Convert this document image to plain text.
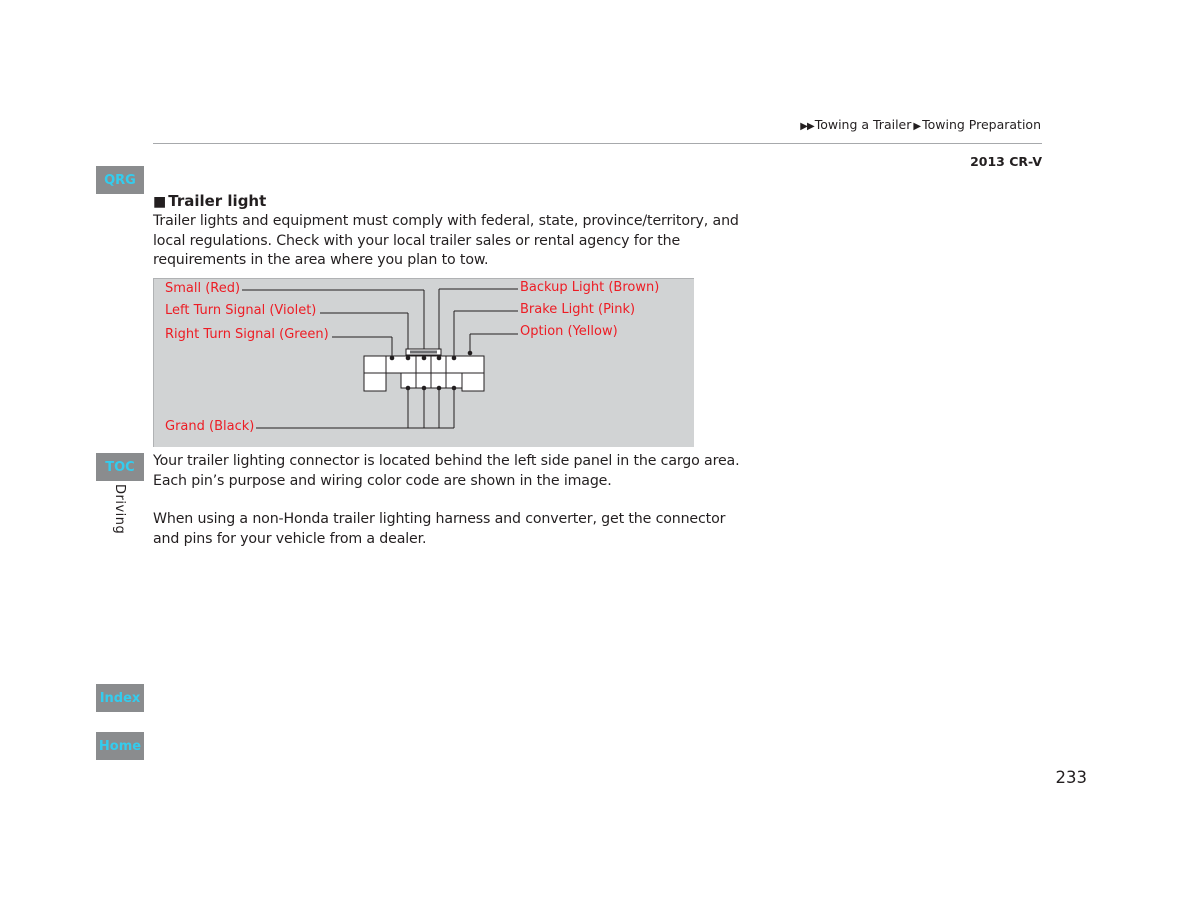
▶▶Towing a Trailer ▶Towing Preparation
2013 CR-V
QRG
TOC
Index
Home
Driving
■ Trailer light
Trailer lights and equipment must comply with federal, state, province/territory, and
local regulations. Check with your local trailer sales or rental agency for the
requirements in the area where you plan to tow.
Small (Red)
Left Turn Signal (Violet)
Right Turn Signal (Green)
Grand (Black)
Backup Light (Brown)
Brake Light (Pink)
Option (Yellow)
Your trailer lighting connector is located behind the left side panel in the cargo area.
Each pin’s purpose and wiring color code are shown in the image.
When using a non-Honda trailer lighting harness and converter, get the connector
and pins for your vehicle from a dealer.
233
